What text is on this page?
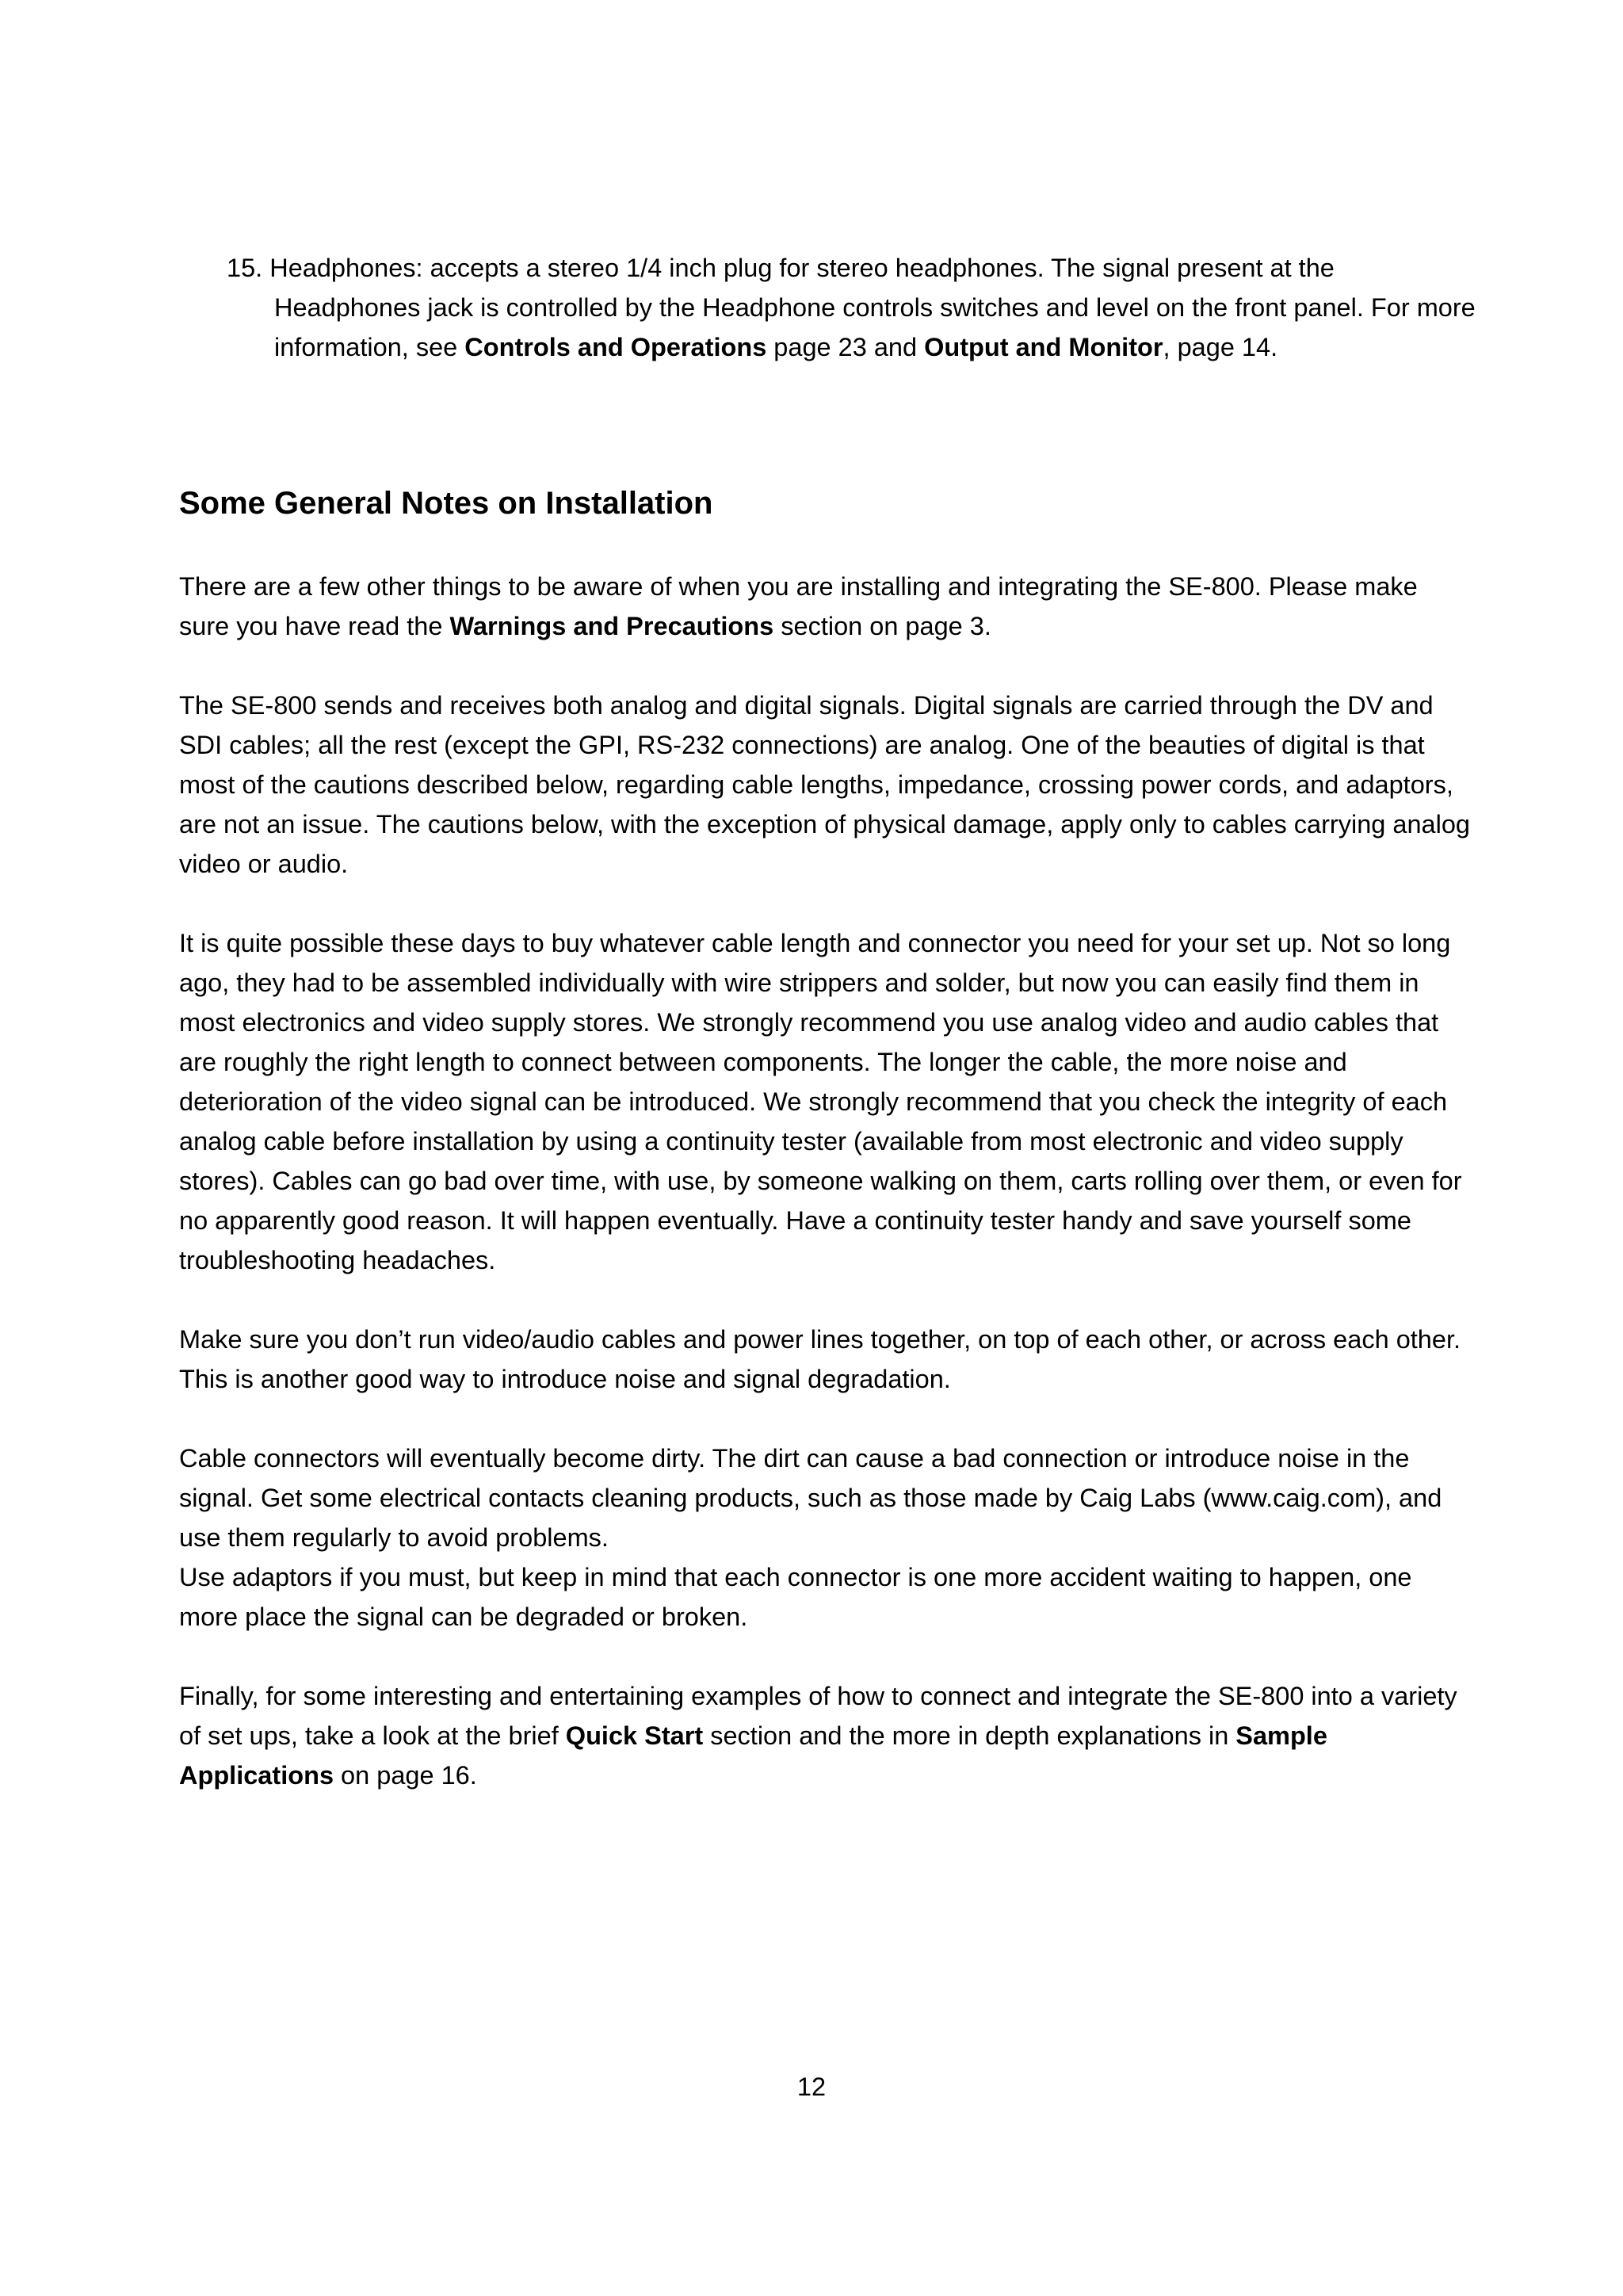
15. Headphones: accepts a stereo 1/4 inch plug for stereo headphones. The signal present at the Headphones jack is controlled by the Headphone controls switches and level on the front panel. For more information, see Controls and Operations page 23 and Output and Monitor, page 14.

Some General Notes on Installation

There are a few other things to be aware of when you are installing and integrating the SE-800. Please make sure you have read the Warnings and Precautions section on page 3.

The SE-800 sends and receives both analog and digital signals. Digital signals are carried through the DV and SDI cables; all the rest (except the GPI, RS-232 connections) are analog. One of the beauties of digital is that most of the cautions described below, regarding cable lengths, impedance, crossing power cords, and adaptors, are not an issue. The cautions below, with the exception of physical damage, apply only to cables carrying analog video or audio.

It is quite possible these days to buy whatever cable length and connector you need for your set up. Not so long ago, they had to be assembled individually with wire strippers and solder, but now you can easily find them in most electronics and video supply stores. We strongly recommend you use analog video and audio cables that are roughly the right length to connect between components. The longer the cable, the more noise and deterioration of the video signal can be introduced. We strongly recommend that you check the integrity of each analog cable before installation by using a continuity tester (available from most electronic and video supply stores). Cables can go bad over time, with use, by someone walking on them, carts rolling over them, or even for no apparently good reason. It will happen eventually. Have a continuity tester handy and save yourself some troubleshooting headaches.

Make sure you don’t run video/audio cables and power lines together, on top of each other, or across each other. This is another good way to introduce noise and signal degradation.

Cable connectors will eventually become dirty. The dirt can cause a bad connection or introduce noise in the signal. Get some electrical contacts cleaning products, such as those made by Caig Labs (www.caig.com), and use them regularly to avoid problems.

Use adaptors if you must, but keep in mind that each connector is one more accident waiting to happen, one more place the signal can be degraded or broken.

Finally, for some interesting and entertaining examples of how to connect and integrate the SE-800 into a variety of set ups, take a look at the brief Quick Start section and the more in depth explanations in Sample Applications on page 16.

12
